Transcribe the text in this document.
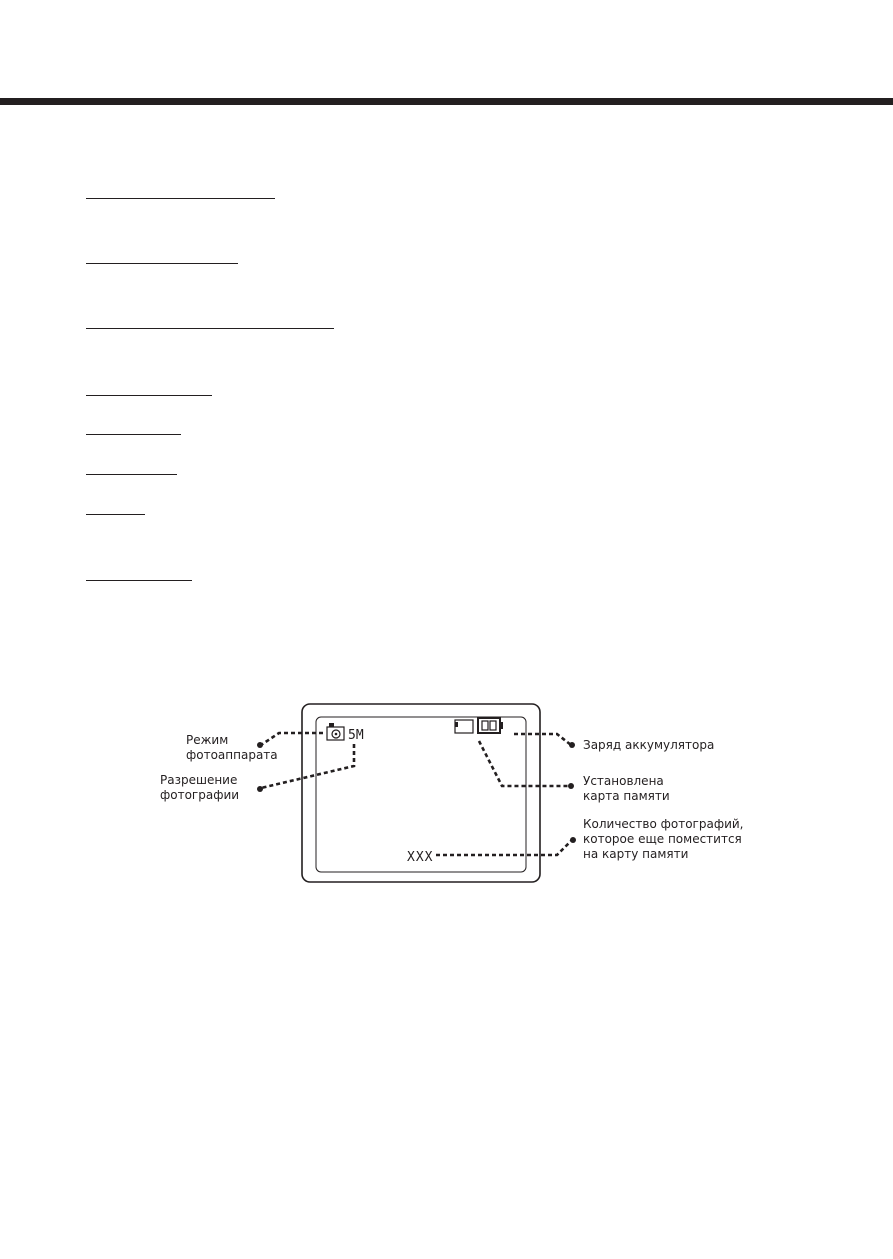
5M
XXX

Режим
фотоаппарата

Разрешение
фотографии

Заряд аккумулятора

Установлена
карта памяти

Количество фотографий,
которое еще поместится
на карту памяти
